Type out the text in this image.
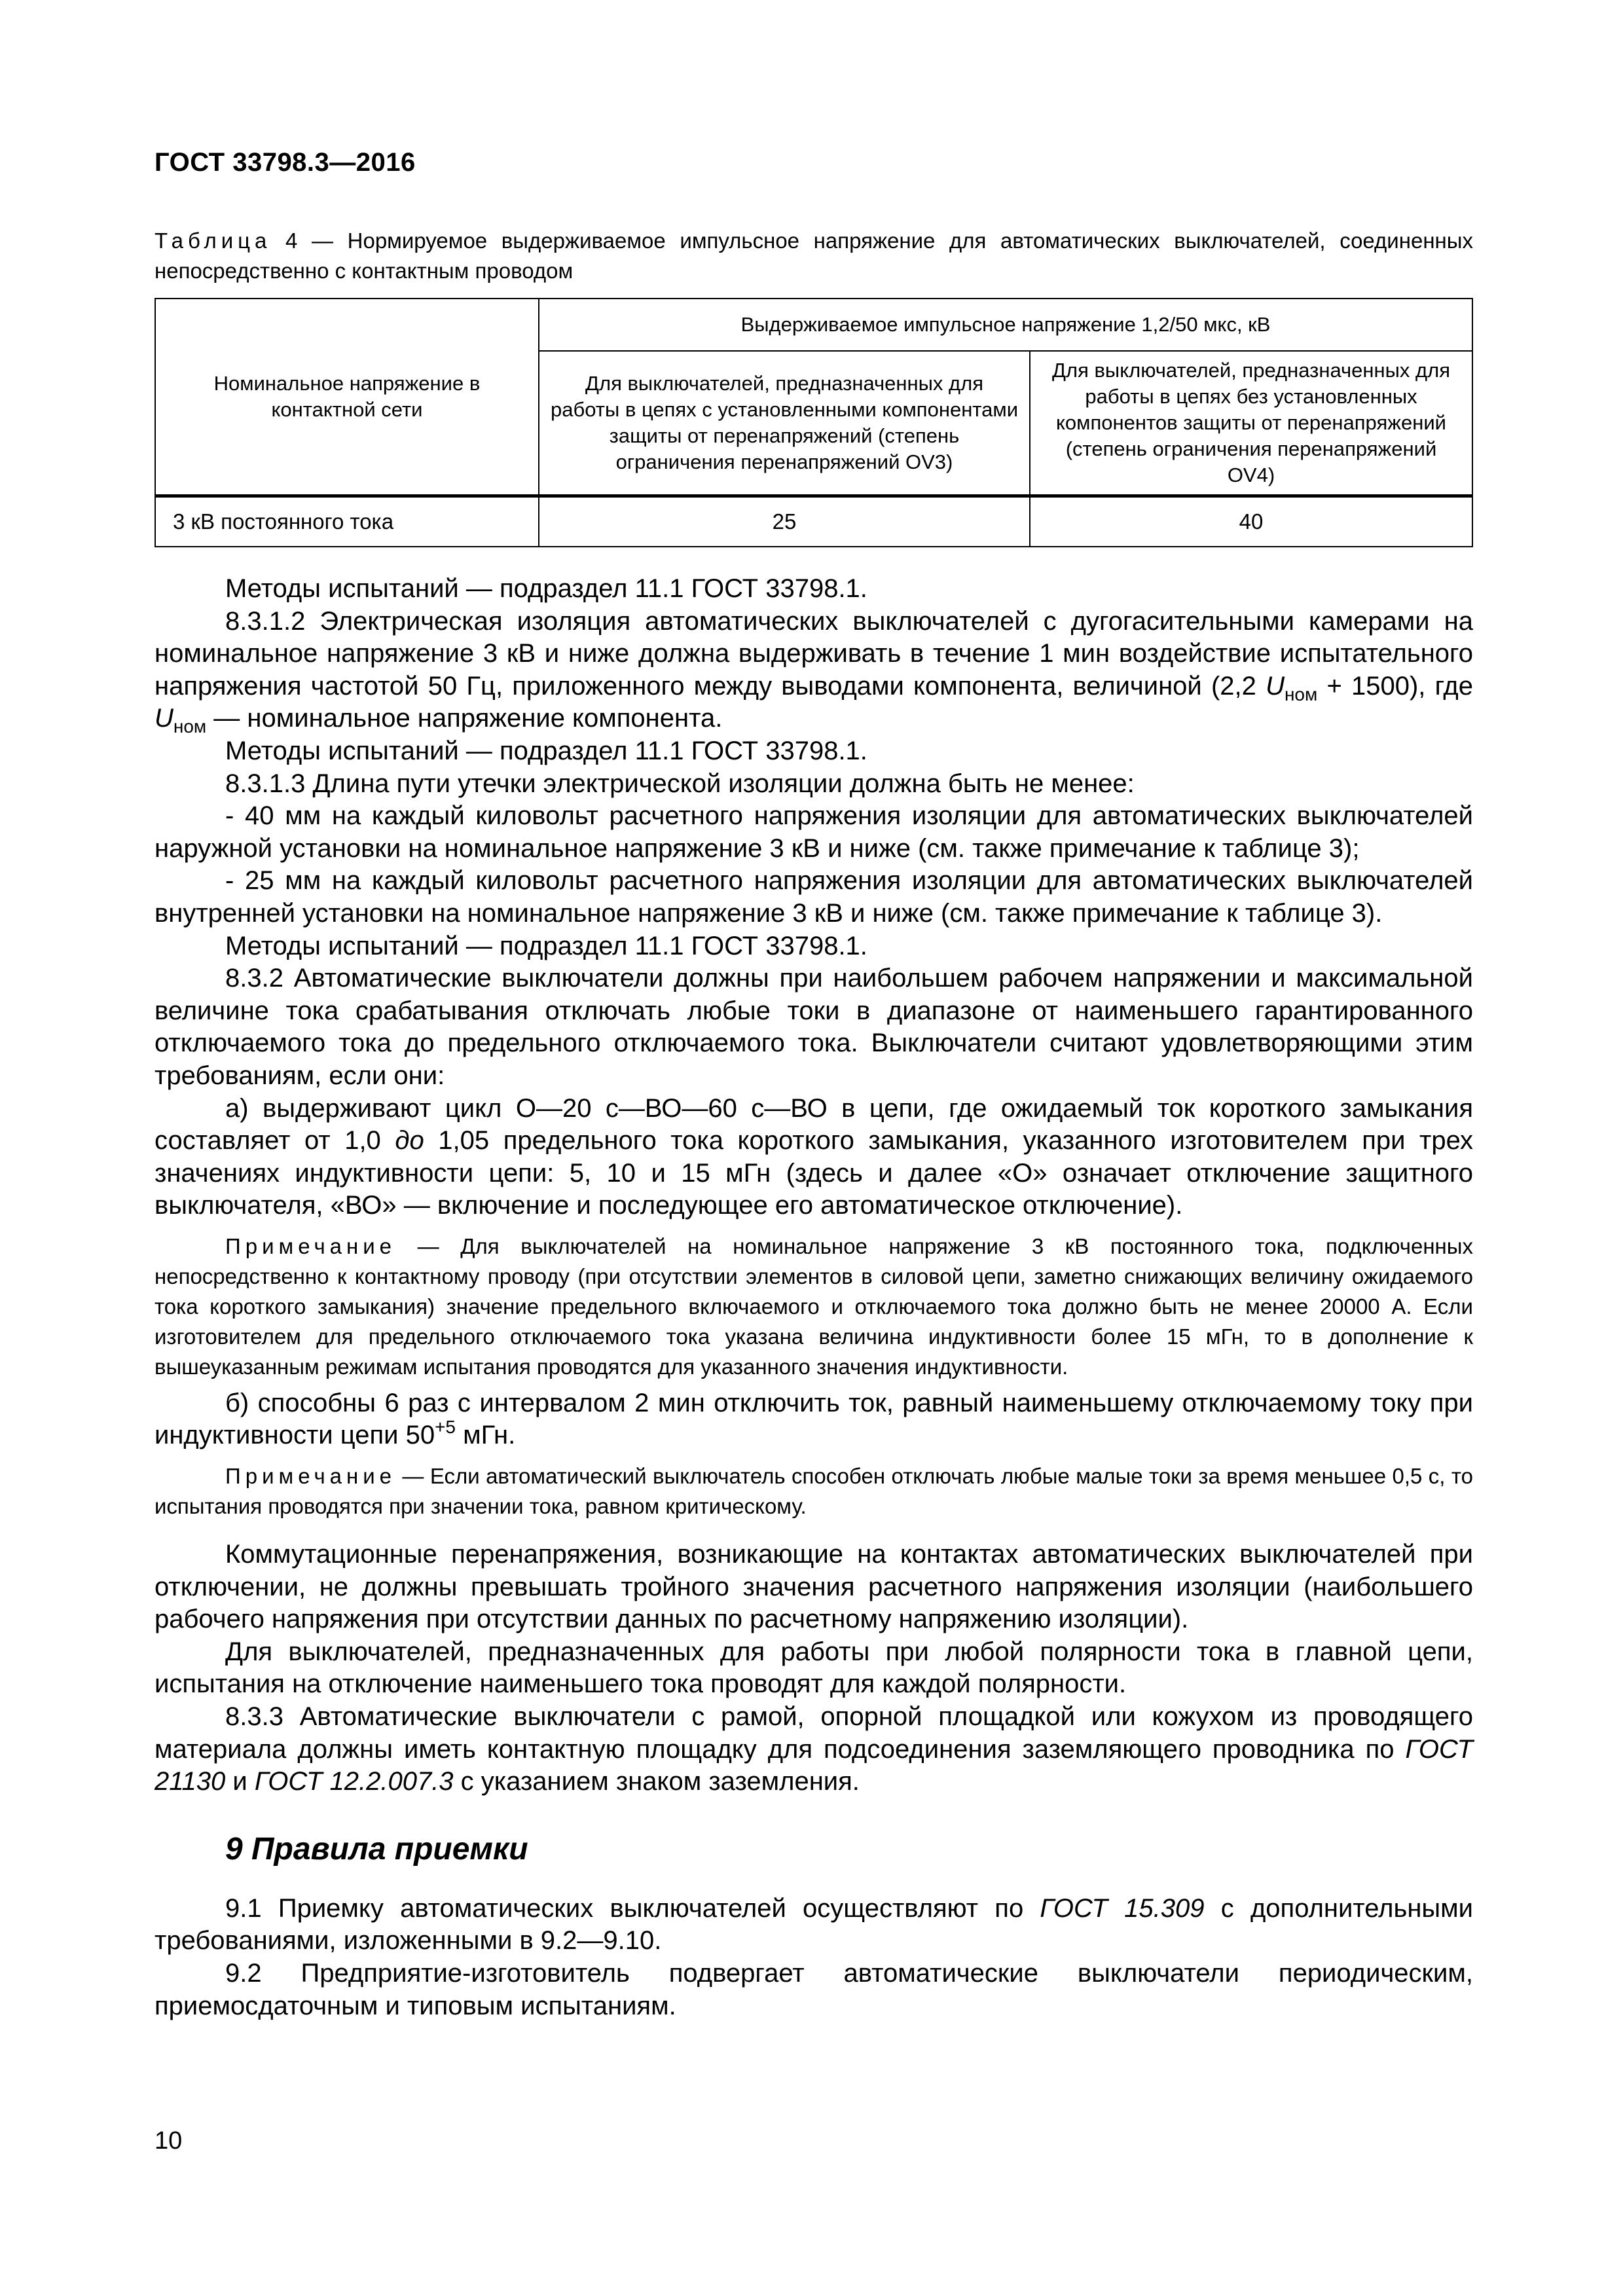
ГОСТ 33798.3—2016
Таблица 4 — Нормируемое выдерживаемое импульсное напряжение для автоматических выключателей, соединенных непосредственно с контактным проводом
Номинальное напряжение в контактной сети	Выдерживаемое импульсное напряжение 1,2/50 мкс, кВ	
	Для выключателей, предназначенных для работы в цепях с установленными компонентами защиты от перенапряжений (степень ограничения перенапряжений OV3)	Для выключателей, предназначенных для работы в цепях без установленных компонентов защиты от перенапряжений (степень ограничения перенапряжений OV4)
3 кВ постоянного тока	25	40

Методы испытаний — подраздел 11.1 ГОСТ 33798.1.

8.3.1.2 Электрическая изоляция автоматических выключателей с дугогасительными камерами на номинальное напряжение 3 кВ и ниже должна выдерживать в течение 1 мин воздействие испытательного напряжения частотой 50 Гц, приложенного между выводами компонента, величиной (2,2 $U_{ном} + 1500$), где $U_{ном}$ — номинальное напряжение компонента.

Методы испытаний — подраздел 11.1 ГОСТ 33798.1.

8.3.1.3 Длина пути утечки электрической изоляции должна быть не менее:

- 40 мм на каждый киловольт расчетного напряжения изоляции для автоматических выключателей наружной установки на номинальное напряжение 3 кВ и ниже (см. также примечание к таблице 3);

- 25 мм на каждый киловольт расчетного напряжения изоляции для автоматических выключателей внутренней установки на номинальное напряжение 3 кВ и ниже (см. также примечание к таблице 3).

Методы испытаний — подраздел 11.1 ГОСТ 33798.1.

8.3.2 Автоматические выключатели должны при наибольшем рабочем напряжении и максимальной величине тока срабатывания отключать любые токи в диапазоне от наименьшего гарантированного отключаемого тока до предельного отключаемого тока. Выключатели считают удовлетворяющими этим требованиям, если они:

а) выдерживают цикл О—20 с—ВО—60 с—ВО в цепи, где ожидаемый ток короткого замыкания составляет от 1,0 до 1,05 предельного тока короткого замыкания, указанного изготовителем при трех значениях индуктивности цепи: 5, 10 и 15 мГн (здесь и далее «О» означает отключение защитного выключателя, «ВО» — включение и последующее его автоматическое отключение).

Примечание — Для выключателей на номинальное напряжение 3 кВ постоянного тока, подключенных непосредственно к контактному проводу (при отсутствии элементов в силовой цепи, заметно снижающих величину ожидаемого тока короткого замыкания) значение предельного включаемого и отключаемого тока должно быть не менее 20000 А. Если изготовителем для предельного отключаемого тока указана величина индуктивности более 15 мГн, то в дополнение к вышеуказанным режимам испытания проводятся для указанного значения индуктивности.

б) способны 6 раз с интервалом 2 мин отключить ток, равный наименьшему отключаемому току при индуктивности цепи $50^{+5}$ мГн.

Примечание — Если автоматический выключатель способен отключать любые малые токи за время меньшее 0,5 с, то испытания проводятся при значении тока, равном критическому.

Коммутационные перенапряжения, возникающие на контактах автоматических выключателей при отключении, не должны превышать тройного значения расчетного напряжения изоляции (наибольшего рабочего напряжения при отсутствии данных по расчетному напряжению изоляции).

Для выключателей, предназначенных для работы при любой полярности тока в главной цепи, испытания на отключение наименьшего тока проводят для каждой полярности.

8.3.3 Автоматические выключатели с рамой, опорной площадкой или кожухом из проводящего материала должны иметь контактную площадку для подсоединения заземляющего проводника по ГОСТ 21130 и ГОСТ 12.2.007.3 с указанием знаком заземления.

9 Правила приемки

9.1 Приемку автоматических выключателей осуществляют по ГОСТ 15.309 с дополнительными требованиями, изложенными в 9.2—9.10.

9.2 Предприятие-изготовитель подвергает автоматические выключатели периодическим, приемосдаточным и типовым испытаниям.

10
